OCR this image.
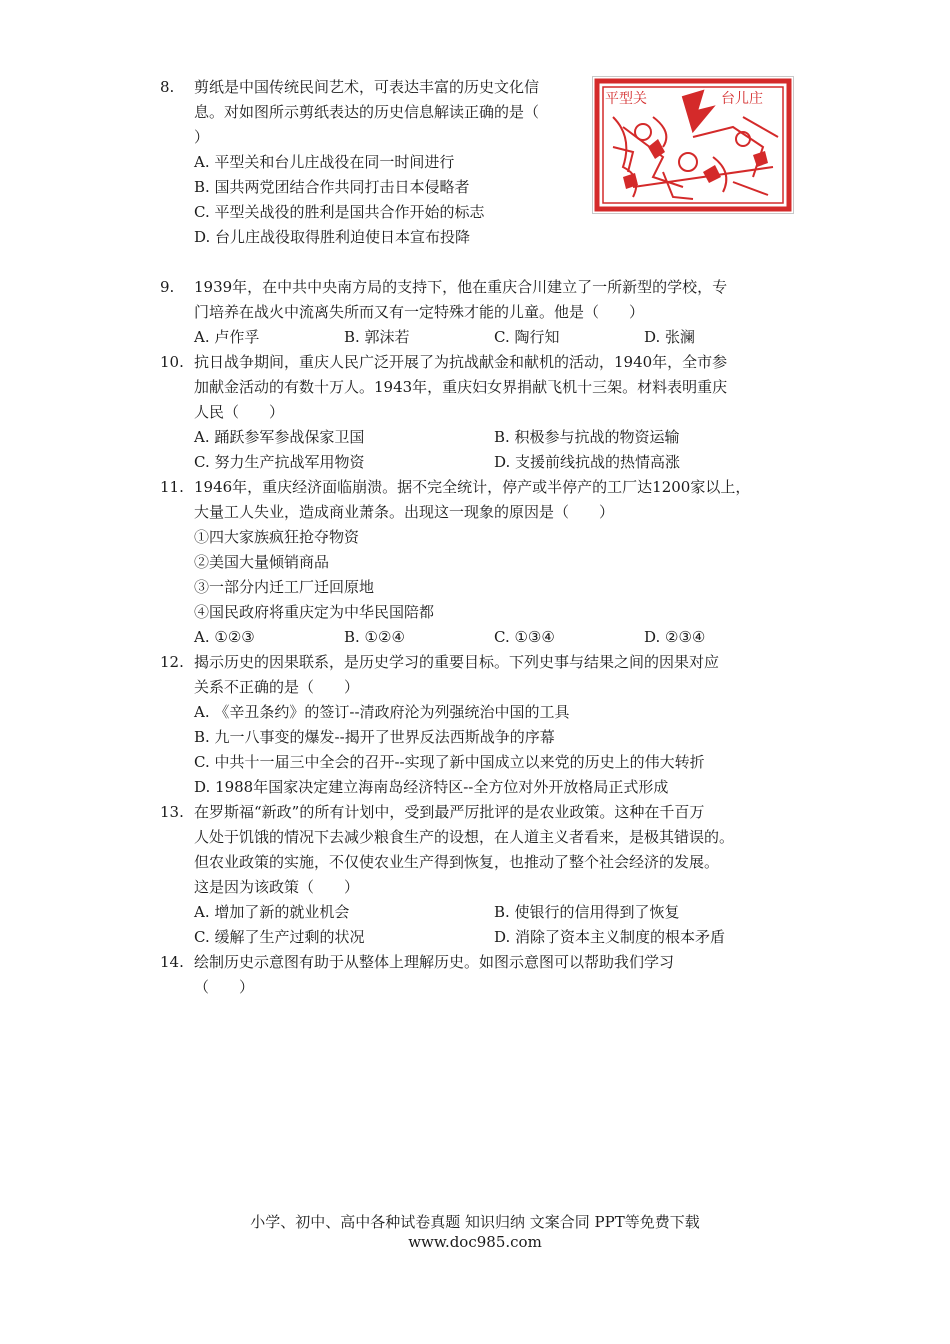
8.	剪纸是中国传统民间艺术，可表达丰富的历史文化信
息。对如图所示剪纸表达的历史信息解读正确的是（
）
A. 平型关和台儿庄战役在同一时间进行
B. 国共两党团结合作共同打击日本侵略者
C. 平型关战役的胜利是国共合作开始的标志
D. 台儿庄战役取得胜利迫使日本宣布投降
平型关	台儿庄
9.	1939年，在中共中央南方局的支持下，他在重庆合川建立了一所新型的学校，专
门培养在战火中流离失所而又有一定特殊才能的儿童。他是（　　）
A. 卢作孚	B. 郭沫若	C. 陶行知	D. 张澜
10. 抗日战争期间，重庆人民广泛开展了为抗战献金和献机的活动，1940年，全市参
加献金活动的有数十万人。1943年，重庆妇女界捐献飞机十三架。材料表明重庆
人民（　　）
A. 踊跃参军参战保家卫国	B. 积极参与抗战的物资运输
C. 努力生产抗战军用物资	D. 支援前线抗战的热情高涨
11. 1946年，重庆经济面临崩溃。据不完全统计，停产或半停产的工厂达1200家以上，
大量工人失业，造成商业萧条。出现这一现象的原因是（　　）
①四大家族疯狂抢夺物资
②美国大量倾销商品
③一部分内迁工厂迁回原地
④国民政府将重庆定为中华民国陪都
A. ①②③	B. ①②④	C. ①③④	D. ②③④
12. 揭示历史的因果联系，是历史学习的重要目标。下列史事与结果之间的因果对应
关系不正确的是（　　）
A. 《辛丑条约》的签订--清政府沦为列强统治中国的工具
B. 九一八事变的爆发--揭开了世界反法西斯战争的序幕
C. 中共十一届三中全会的召开--实现了新中国成立以来党的历史上的伟大转折
D. 1988年国家决定建立海南岛经济特区--全方位对外开放格局正式形成
13. 在罗斯福“新政”的所有计划中，受到最严厉批评的是农业政策。这种在千百万
人处于饥饿的情况下去减少粮食生产的设想，在人道主义者看来，是极其错误的。
但农业政策的实施，不仅使农业生产得到恢复，也推动了整个社会经济的发展。
这是因为该政策（　　）
A. 增加了新的就业机会	B. 使银行的信用得到了恢复
C. 缓解了生产过剩的状况	D. 消除了资本主义制度的根本矛盾
14. 绘制历史示意图有助于从整体上理解历史。如图示意图可以帮助我们学习
（　　）
小学、初中、高中各种试卷真题 知识归纳 文案合同 PPT等免费下载
www.doc985.com
